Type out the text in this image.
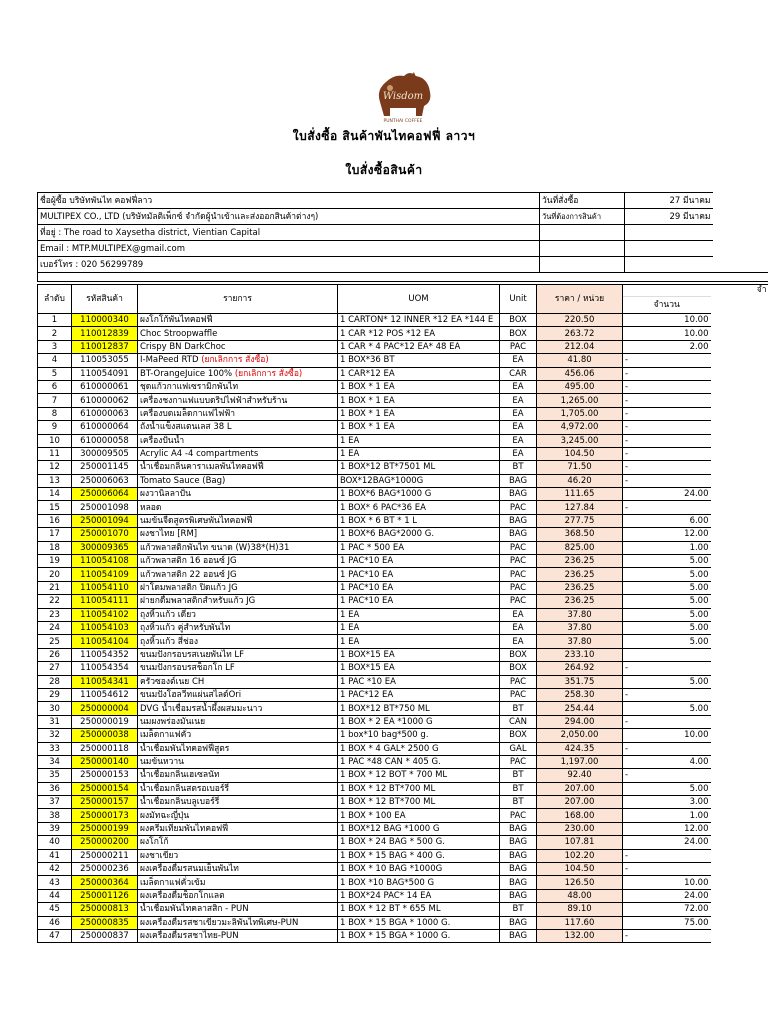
Wisdom
PUNTHAI COFFEE
ใบสั่งซื้อ สินค้าพันไทคอฟฟี่ ลาวฯ
ใบสั่งซื้อสินค้า
ชื่อผู้ซื้อ บริษัทพันไท คอฟฟี่ลาว	วันที่สั่งซื้อ	27 มีนาคม	
MULTIPEX CO., LTD (บริษัทมัลติเพ็กซ์ จำกัดผู้นำเข้าและส่งออกสินค้าต่างๆ)	วันที่ต้องการสินค้า	29 มีนาคม	
ที่อยู่ : The road to Xaysetha district, Vientian Capital			
Email : MTP.MULTIPEX@gmail.com			
เบอร์โทร : 020 56299789			

ลำดับ	รหัสสินค้า	รายการ	UOM	Unit	ราคา / หน่วย	จำ	
						จำนวน	
1	110000340	ผงโกโก้พันไทคอฟฟี่	1 CARTON* 12 INNER *12 EA *144 E	BOX	220.50	10.00	
2	110012839	Choc Stroopwaffle	1 CAR *12 POS *12 EA	BOX	263.72	10.00	
3	110012837	Crispy BN DarkChoc	1 CAR * 4 PAC*12 EA* 48 EA	PAC	212.04	2.00	
4	110053055	I-MaPeed RTD (ยกเลิกการ สั่งซื้อ)	1 BOX*36 BT	EA	41.80	-	
5	110054091	BT-OrangeJuice 100% (ยกเลิกการ สั่งซื้อ)	1 CAR*12 EA	CAR	456.06	-	
6	610000061	ชุดแก้วกาแฟเซรามิกพันไท	1 BOX * 1 EA	EA	495.00	-	
7	610000062	เครื่องชงกาแฟแบบดริปไฟฟ้าสำหรับร้าน	1 BOX * 1 EA	EA	1,265.00	-	
8	610000063	เครื่องบดเมล็ดกาแฟไฟฟ้า	1 BOX * 1 EA	EA	1,705.00	-	
9	610000064	ถังน้ำแข็งสแตนเลส 38 L	1 BOX * 1 EA	EA	4,972.00	-	
10	610000058	เครื่องปั่นน้ำ	1 EA	EA	3,245.00	-	
11	300009505	Acrylic A4 -4 compartments	1 EA	EA	104.50	-	
12	250001145	น้ำเชื่อมกลิ่นคาราเมลพันไทคอฟฟี่	1 BOX*12 BT*7501 ML	BT	71.50	-	
13	250006063	Tomato Sauce (Bag)	BOX*12BAG*1000G	BAG	46.20	-	
14	250006064	ผงวานิลลาปั่น	1 BOX*6 BAG*1000 G	BAG	111.65	24.00	
15	250001098	หลอด	1 BOX* 6 PAC*36 EA	PAC	127.84	-	
16	250001094	นมข้นจืดสูตรพิเศษพันไทคอฟฟี่	1 BOX * 6 BT * 1 L	BAG	277.75	6.00	
17	250001070	ผงชาไทย [RM]	1 BOX*6 BAG*2000 G.	BAG	368.50	12.00	
18	300009365	แก้วพลาสติกพันไท ขนาด (W)38*(H)31	1 PAC * 500 EA	PAC	825.00	1.00	
19	110054108	แก้วพลาสติก 16 ออนซ์ JG	1 PAC*10 EA	PAC	236.25	5.00	
20	110054109	แก้วพลาสติก 22 ออนซ์ JG	1 PAC*10 EA	PAC	236.25	5.00	
21	110054110	ฝาโดมพลาสติก ปิดแก้ว JG	1 PAC*10 EA	PAC	236.25	5.00	
22	110054111	ฝายกดื่มพลาสติกสำหรับแก้ว JG	1 PAC*10 EA	PAC	236.25	5.00	
23	110054102	ถุงหิ้วแก้ว เดี่ยว	1 EA	EA	37.80	5.00	
24	110054103	ถุงหิ้วแก้ว คู่สำหรับพันไท	1 EA	EA	37.80	5.00	
25	110054104	ถุงหิ้วแก้ว สี่ช่อง	1 EA	EA	37.80	5.00	
26	110054352	ขนมปังกรอบรสเนยพันไท LF	1 BOX*15 EA	BOX	233.10		
27	110054354	ขนมปังกรอบรสช็อกโก LF	1 BOX*15 EA	BOX	264.92	-	
28	110054341	ครัวซองต์เนย CH	1 PAC *10 EA	PAC	351.75	5.00	
29	110054612	ขนมปังโฮลวีทแผ่นสไลด์Ori	1 PAC*12 EA	PAC	258.30	-	
30	250000004	DVG น้ำเชื่อมรสน้ำผึ้งผสมมะนาว	1 BOX*12 BT*750 ML	BT	254.44	5.00	
31	250000019	นมผงพร่องมันเนย	1 BOX * 2 EA *1000 G	CAN	294.00	-	
32	250000038	เมล็ดกาแฟคั่ว	1 box*10 bag*500 g.	BOX	2,050.00	10.00	
33	250000118	น้ำเชื่อมพันไทคอฟฟี่สูตร	1 BOX * 4 GAL* 2500 G	GAL	424.35	-	
34	250000140	นมข้นหวาน	1 PAC *48 CAN * 405 G.	PAC	1,197.00	4.00	
35	250000153	น้ำเชื่อมกลิ่นเฮเซลนัท	1 BOX * 12 BOT * 700 ML	BT	92.40	-	
36	250000154	น้ำเชื่อมกลิ่นสตรอเบอร์รี่	1 BOX * 12 BT*700 ML	BT	207.00	5.00	
37	250000157	น้ำเชื่อมกลิ่นบลูเบอร์รี่	1 BOX * 12 BT*700 ML	BT	207.00	3.00	
38	250000173	ผงมัทฉะญี่ปุ่น	1 BOX * 100 EA	PAC	168.00	1.00	
39	250000199	ผงครีมเทียมพันไทคอฟฟี่	1 BOX*12 BAG *1000 G	BAG	230.00	12.00	
40	250000200	ผงโกโก้	1 BOX * 24 BAG * 500 G.	BAG	107.81	24.00	
41	250000211	ผงชาเขียว	1 BOX * 15 BAG * 400 G.	BAG	102.20	-	
42	250000236	ผงเครื่องดื่มรสนมเย็นพันไท	1 BOX * 10 BAG *1000G	BAG	104.50	-	
43	250000364	เมล็ดกาแฟคั่วเข้ม	1 BOX *10 BAG*500 G	BAG	126.50	10.00	
44	250001126	ผงเครื่องดื่มช็อกโกแลต	1 BOX*24 PAC* 14 EA	BAG	48.00	24.00	
45	250000813	น้ำเชื่อมพันไทคลาสสิก - PUN	1 BOX * 12 BT * 655 ML	BT	89.10	72.00	
46	250000835	ผงเครื่องดื่มรสชาเขียวมะลิพันไทพิเศษ-PUN	1 BOX * 15 BGA * 1000 G.	BAG	117.60	75.00	
47	250000837	ผงเครื่องดื่มรสชาไทย-PUN	1 BOX * 15 BGA * 1000 G.	BAG	132.00	-	
